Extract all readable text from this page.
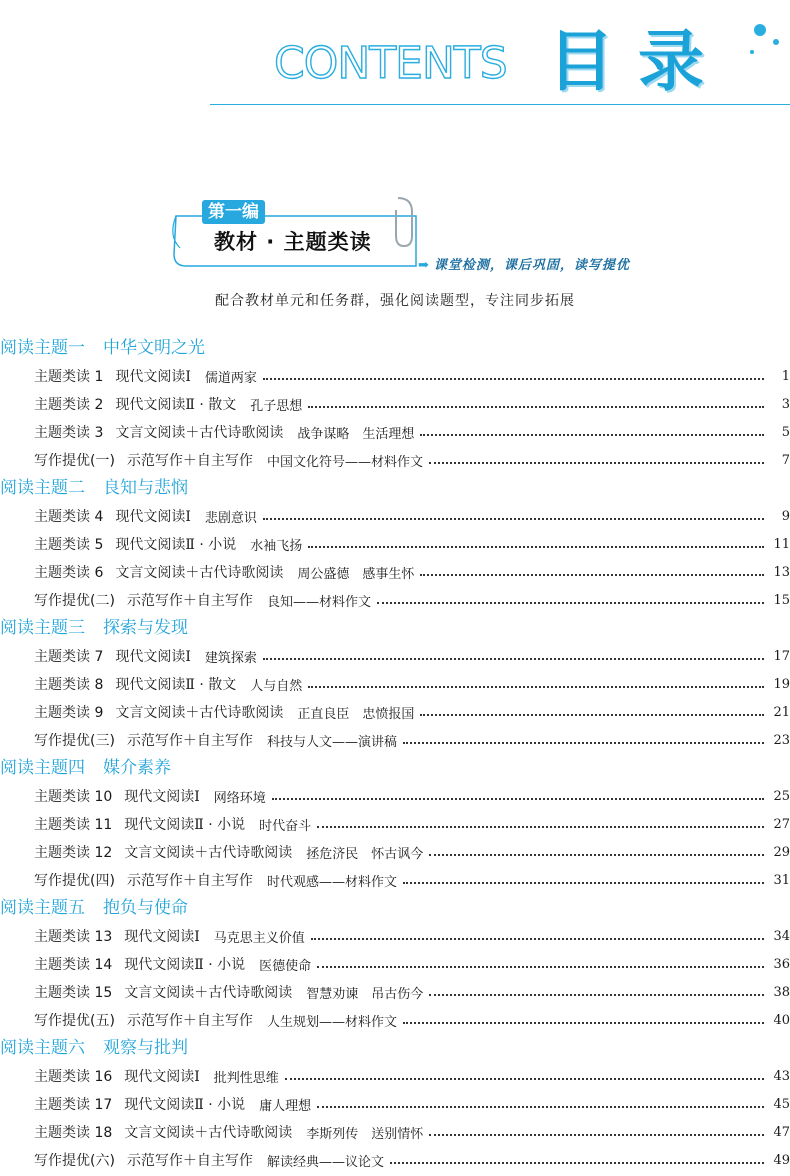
CONTENTS 目录
第一编
教材 · 主题类读
➡ 课堂检测，课后巩固，读写提优
配合教材单元和任务群，强化阅读题型，专注同步拓展
阅读主题一 中华文明之光
主题类读 1 现代文阅读Ⅰ 儒道两家	1
主题类读 2 现代文阅读Ⅱ · 散文 孔子思想	3
主题类读 3 文言文阅读＋古代诗歌阅读 战争谋略　生活理想	5
写作提优(一) 示范写作＋自主写作 中国文化符号——材料作文	7
阅读主题二 良知与悲悯
主题类读 4 现代文阅读Ⅰ 悲剧意识	9
主题类读 5 现代文阅读Ⅱ · 小说 水袖飞扬	11
主题类读 6 文言文阅读＋古代诗歌阅读 周公盛德　感事生怀	13
写作提优(二) 示范写作＋自主写作 良知——材料作文	15
阅读主题三 探索与发现
主题类读 7 现代文阅读Ⅰ 建筑探索	17
主题类读 8 现代文阅读Ⅱ · 散文 人与自然	19
主题类读 9 文言文阅读＋古代诗歌阅读 正直良臣　忠愤报国	21
写作提优(三) 示范写作＋自主写作 科技与人文——演讲稿	23
阅读主题四 媒介素养
主题类读 10 现代文阅读Ⅰ 网络环境	25
主题类读 11 现代文阅读Ⅱ · 小说 时代奋斗	27
主题类读 12 文言文阅读＋古代诗歌阅读 拯危济民　怀古讽今	29
写作提优(四) 示范写作＋自主写作 时代观感——材料作文	31
阅读主题五 抱负与使命
主题类读 13 现代文阅读Ⅰ 马克思主义价值	34
主题类读 14 现代文阅读Ⅱ · 小说 医德使命	36
主题类读 15 文言文阅读＋古代诗歌阅读 智慧劝谏　吊古伤今	38
写作提优(五) 示范写作＋自主写作 人生规划——材料作文	40
阅读主题六 观察与批判
主题类读 16 现代文阅读Ⅰ 批判性思维	43
主题类读 17 现代文阅读Ⅱ · 小说 庸人理想	45
主题类读 18 文言文阅读＋古代诗歌阅读 李斯列传　送别情怀	47
写作提优(六) 示范写作＋自主写作 解读经典——议论文	49
